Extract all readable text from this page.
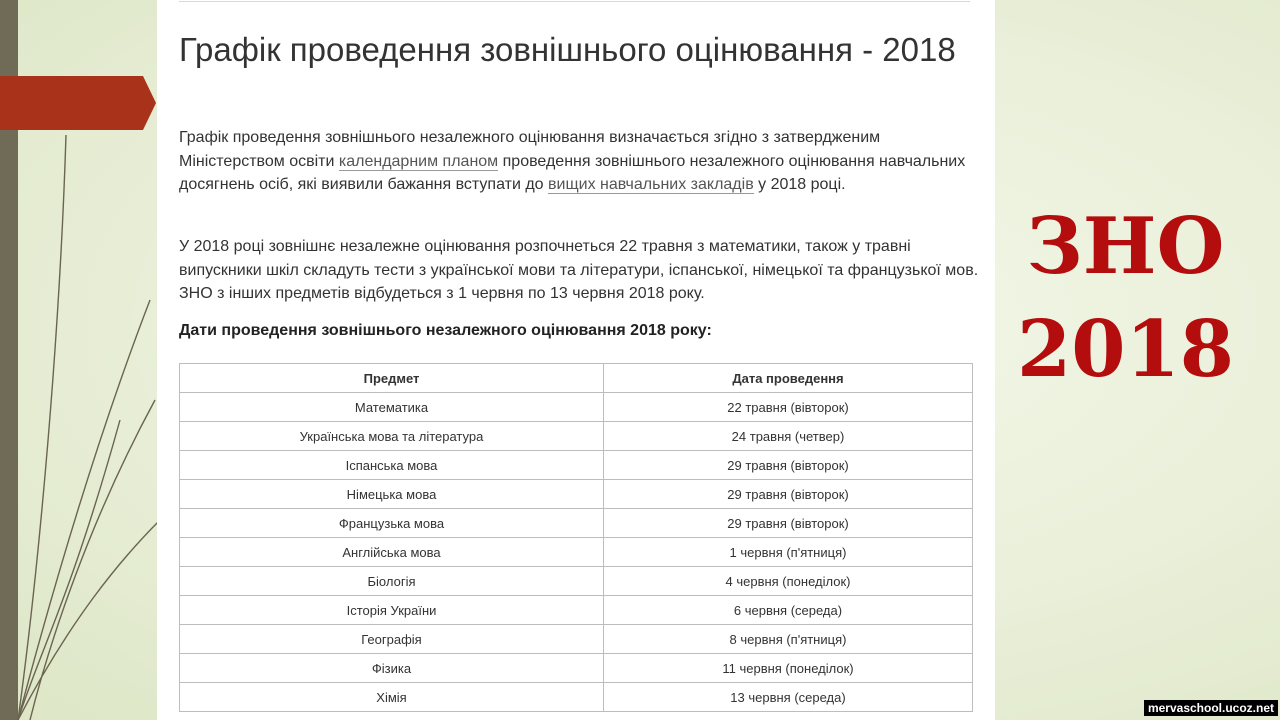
Графік проведення зовнішнього оцінювання - 2018

Графік проведення зовнішнього незалежного оцінювання визначається згідно з затвердженим Міністерством освіти календарним планом проведення зовнішнього незалежного оцінювання навчальних досягнень осіб, які виявили бажання вступати до вищих навчальних закладів у 2018 році.

У 2018 році зовнішнє незалежне оцінювання розпочнеться 22 травня з математики, також у травні випускники шкіл складуть тести з української мови та літератури, іспанської, німецької та французької мов. ЗНО з інших предметів відбудеться з 1 червня по 13 червня 2018 року.

Дати проведення зовнішнього незалежного оцінювання 2018 року:

Предмет	Дата проведення
Математика	22 травня (вівторок)
Українська мова та література	24 травня (четвер)
Іспанська мова	29 травня (вівторок)
Німецька мова	29 травня (вівторок)
Французька мова	29 травня (вівторок)
Англійська мова	1 червня (п'ятниця)
Біологія	4 червня (понеділок)
Історія України	6 червня (середа)
Географія	8 червня (п'ятниця)
Фізика	11 червня (понеділок)
Хімія	13 червня (середа)
ЗНО
2018
mervaschool.ucoz.net
